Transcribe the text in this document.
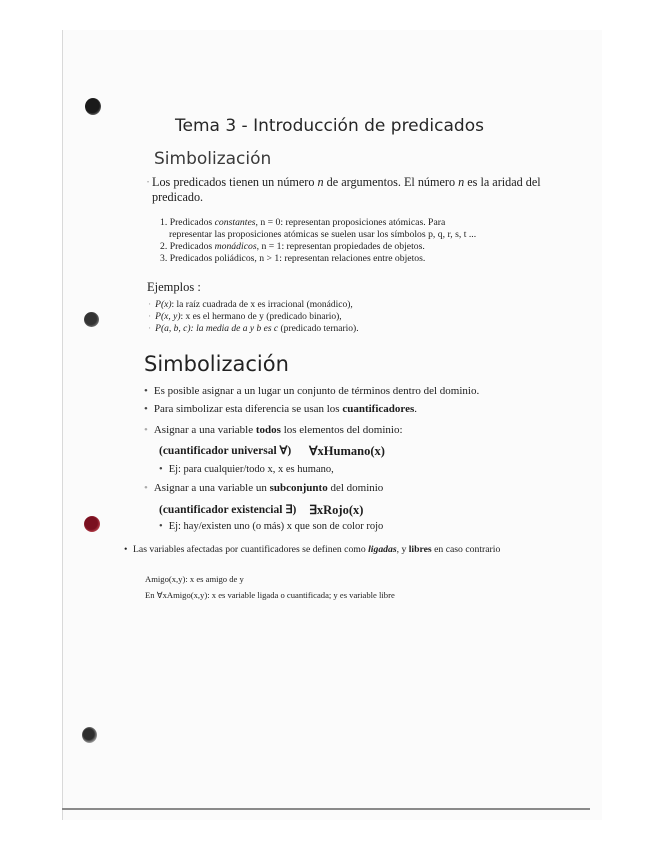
Tema 3 - Introducción de predicados
Simbolización
· Los predicados tienen un número n de argumentos. El número n es la aridad del predicado.
1. Predicados constantes, n = 0: representan proposiciones atómicas. Para
representar las proposiciones atómicas se suelen usar los símbolos p, q, r, s, t ...
2. Predicados monádicos, n = 1: representan propiedades de objetos.
3. Predicados poliádicos, n > 1: representan relaciones entre objetos.
Ejemplos :
· P(x): la raíz cuadrada de x es irracional (monádico),
· P(x, y): x es el hermano de y (predicado binario),
· P(a, b, c): la media de a y b es c (predicado ternario).
Simbolización
• Es posible asignar a un lugar un conjunto de términos dentro del dominio.
• Para simbolizar esta diferencia se usan los cuantificadores.
• Asignar a una variable todos los elementos del dominio:
(cuantificador universal ∀) ∀xHumano(x)
• Ej: para cualquier/todo x, x es humano,
• Asignar a una variable un subconjunto del dominio
(cuantificador existencial ∃) ∃xRojo(x)
• Ej: hay/existen uno (o más) x que son de color rojo
• Las variables afectadas por cuantificadores se definen como ligadas, y libres en caso contrario
Amigo(x,y): x es amigo de y
En ∀xAmigo(x,y): x es variable ligada o cuantificada; y es variable libre
